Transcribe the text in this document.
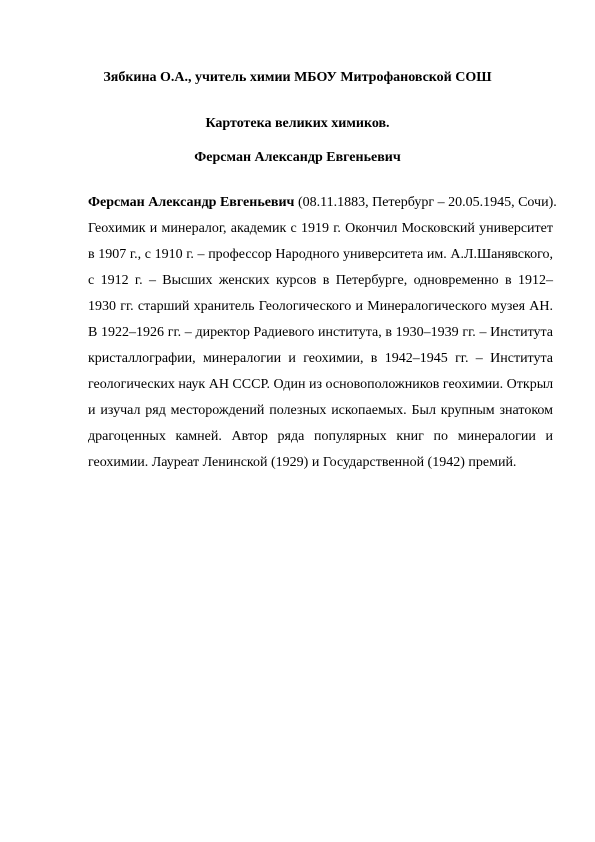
Зябкина О.А., учитель химии МБОУ Митрофановской СОШ
Картотека великих химиков.
Ферсман Александр Евгеньевич
Ферсман Александр Евгеньевич (08.11.1883, Петербург – 20.05.1945, Сочи).
Геохимик и минералог, академик с 1919 г. Окончил Московский университет
в 1907 г., с 1910 г. – профессор Народного университета им. А.Л.Шанявского,
с 1912 г. – Высших женских курсов в Петербурге, одновременно в 1912–
1930 гг. старший хранитель Геологического и Минералогического музея АН.
В 1922–1926 гг. – директор Радиевого института, в 1930–1939 гг. – Института
кристаллографии, минералогии и геохимии, в 1942–1945 гг. – Института
геологических наук АН СССР. Один из основоположников геохимии. Открыл
и изучал ряд месторождений полезных ископаемых. Был крупным знатоком
драгоценных камней. Автор ряда популярных книг по минералогии и
геохимии. Лауреат Ленинской (1929) и Государственной (1942) премий.
